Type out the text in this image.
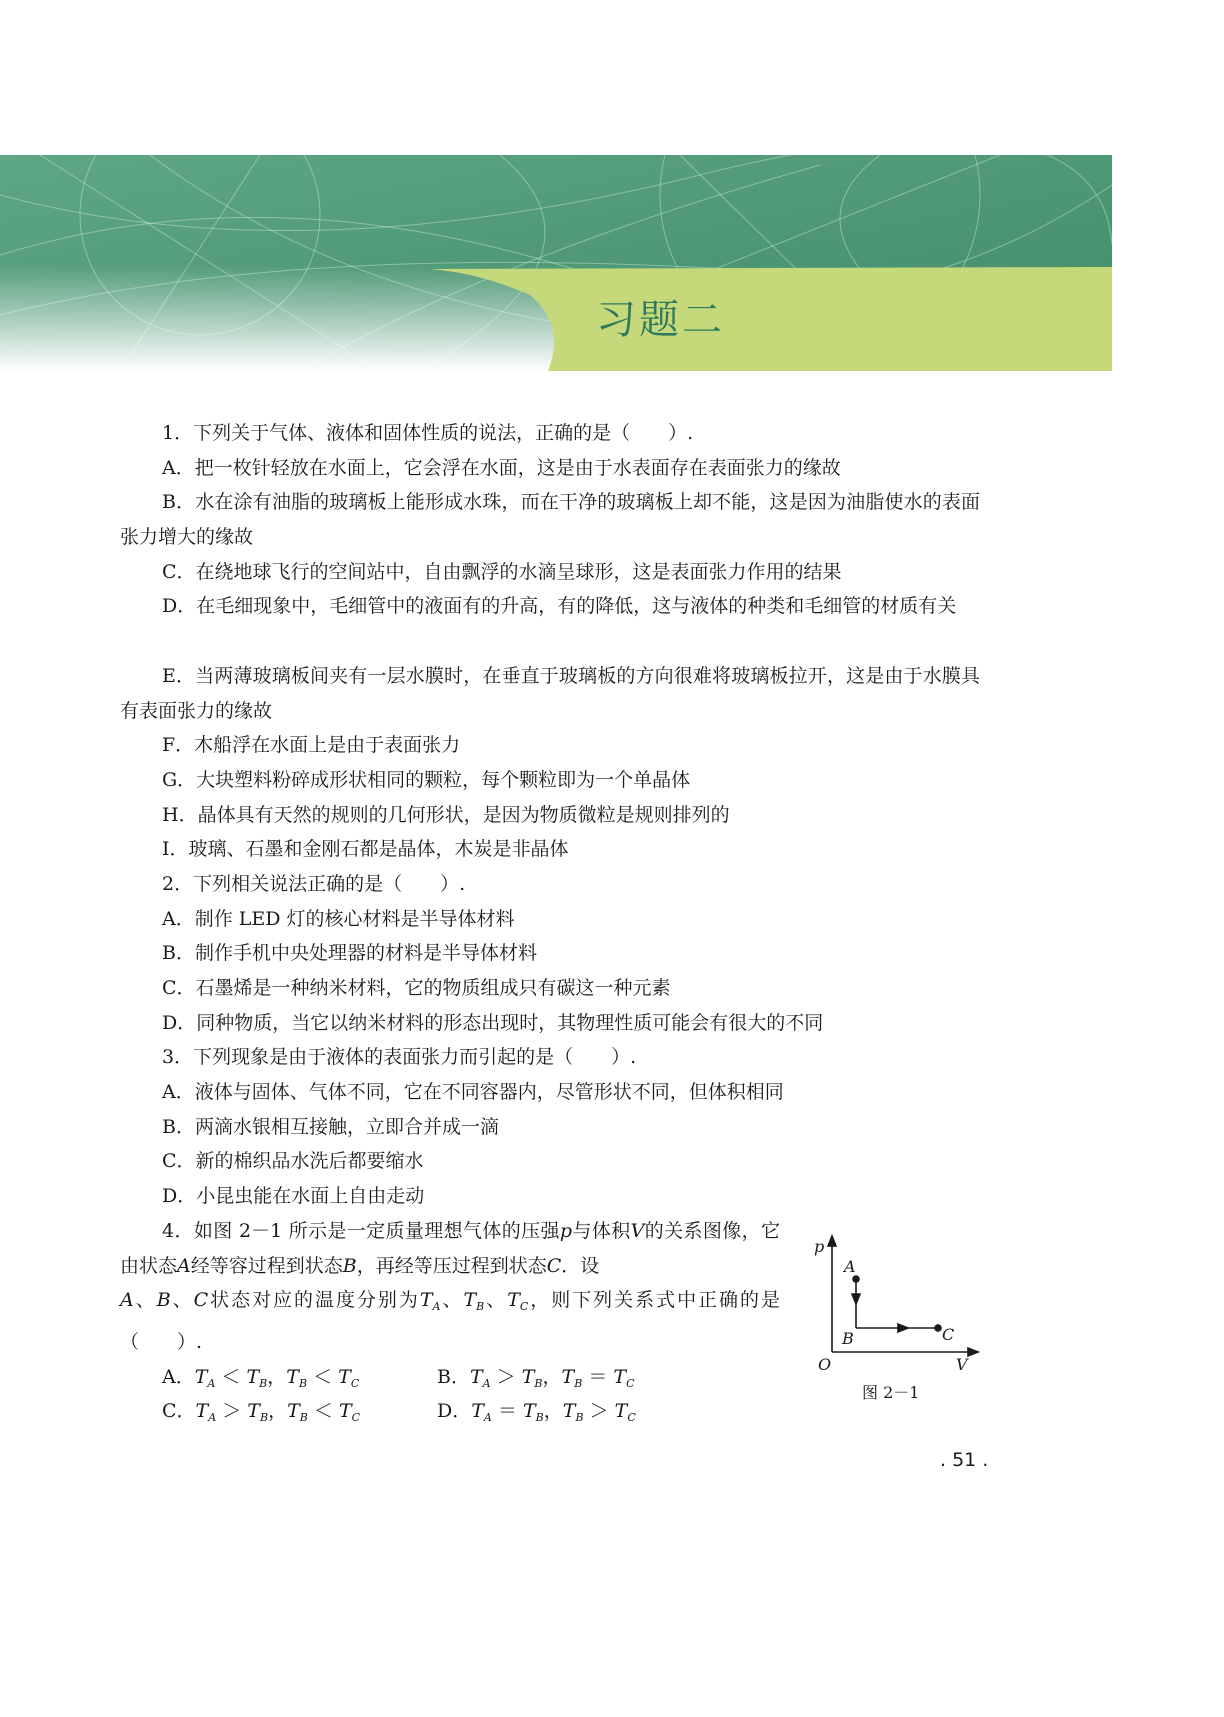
习题二
1．下列关于气体、液体和固体性质的说法，正确的是（　　）.
A．把一枚针轻放在水面上，它会浮在水面，这是由于水表面存在表面张力的缘故
B．水在涂有油脂的玻璃板上能形成水珠，而在干净的玻璃板上却不能，这是因为油脂使水的表面张力增大的缘故
C．在绕地球飞行的空间站中，自由飘浮的水滴呈球形，这是表面张力作用的结果
D．在毛细现象中，毛细管中的液面有的升高，有的降低，这与液体的种类和毛细管的材质有关
E．当两薄玻璃板间夹有一层水膜时，在垂直于玻璃板的方向很难将玻璃板拉开，这是由于水膜具有表面张力的缘故
F．木船浮在水面上是由于表面张力
G．大块塑料粉碎成形状相同的颗粒，每个颗粒即为一个单晶体
H．晶体具有天然的规则的几何形状，是因为物质微粒是规则排列的
I．玻璃、石墨和金刚石都是晶体，木炭是非晶体
2．下列相关说法正确的是（　　）.
A．制作 LED 灯的核心材料是半导体材料
B．制作手机中央处理器的材料是半导体材料
C．石墨烯是一种纳米材料，它的物质组成只有碳这一种元素
D．同种物质，当它以纳米材料的形态出现时，其物理性质可能会有很大的不同
3．下列现象是由于液体的表面张力而引起的是（　　）.
A．液体与固体、气体不同，它在不同容器内，尽管形状不同，但体积相同
B．两滴水银相互接触，立即合并成一滴
C．新的棉织品水洗后都要缩水
D．小昆虫能在水面上自由走动
4．如图 2－1 所示是一定质量理想气体的压强p与体积V的关系图像，它由状态A经等容过程到状态B，再经等压过程到状态C．设
A、B、C状态对应的温度分别为$T_A$、$T_B$、$T_C$，则下列关系式中正确的是（　　）.
A．$T_A < T_B$，$T_B < T_C$	B．$T_A > T_B$，$T_B = T_C$
C．$T_A > T_B$，$T_B < T_C$	D．$T_A = T_B$，$T_B > T_C$
p
A
B	C
V
O
图 2－1
. 51 .
